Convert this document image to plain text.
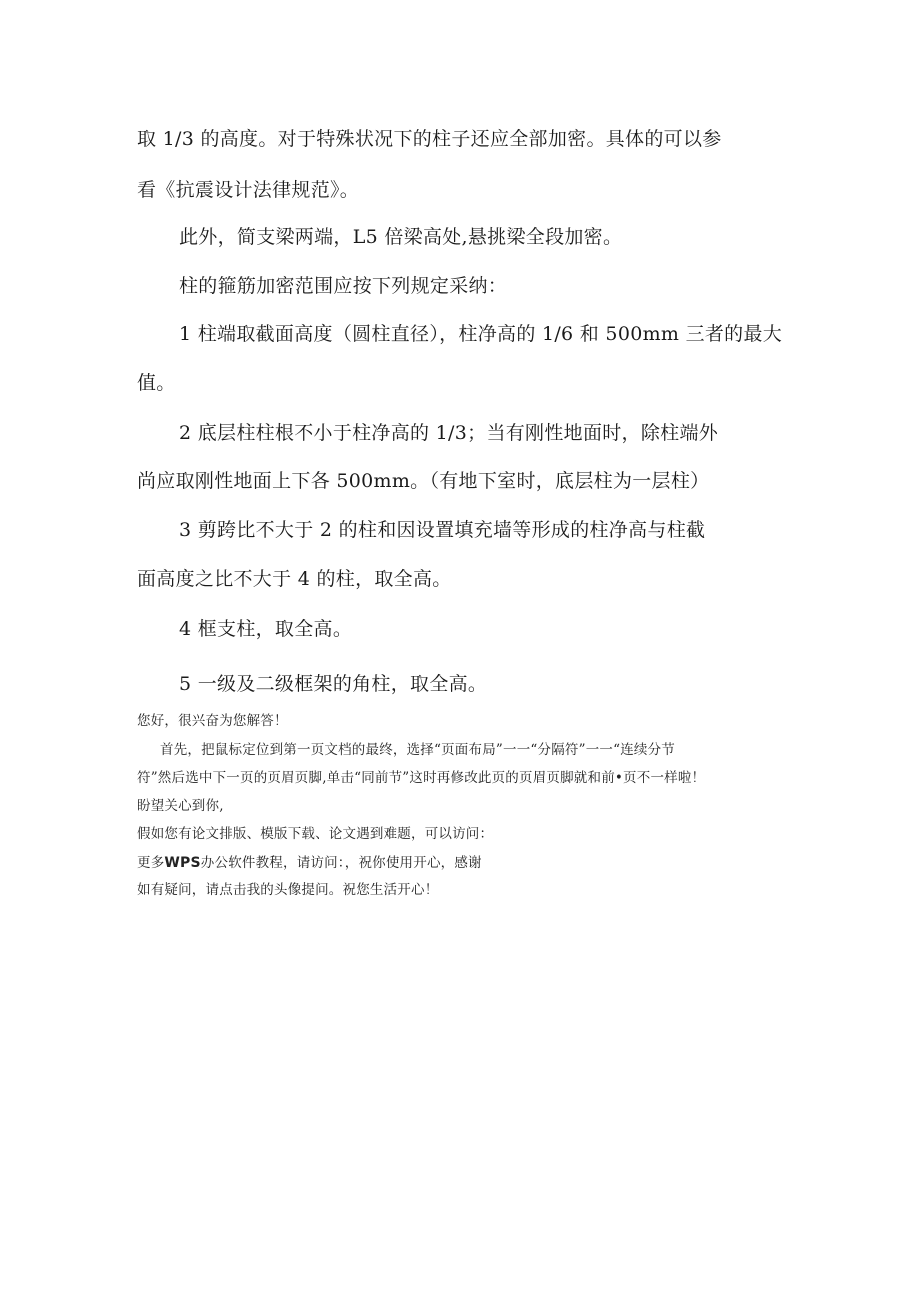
取 1/3 的高度。对于特殊状况下的柱子还应全部加密。具体的可以参

看《抗震设计法律规范》。

此外，简支梁两端，L5 倍梁高处,悬挑梁全段加密。

柱的箍筋加密范围应按下列规定采纳：

1 柱端取截面高度（圆柱直径），柱净高的 1/6 和 500mm 三者的最大

值。

2 底层柱柱根不小于柱净高的 1/3；当有刚性地面时，除柱端外

尚应取刚性地面上下各 500mm。（有地下室时，底层柱为一层柱）

3 剪跨比不大于 2 的柱和因设置填充墙等形成的柱净高与柱截

面高度之比不大于 4 的柱，取全高。

4 框支柱，取全高。

5 一级及二级框架的角柱，取全高。

您好，很兴奋为您解答！

首先，把鼠标定位到第一页文档的最终，选择“页面布局”一一“分隔符”一一“连续分节

符”然后选中下一页的页眉页脚,单击“同前节”这时再修改此页的页眉页脚就和前•页不一样啦！

盼望关心到你,

假如您有论文排版、模版下载、论文遇到难题，可以访问：

更多WPS办公软件教程，请访问：，祝你使用开心，感谢

如有疑问，请点击我的头像提问。祝您生活开心！
